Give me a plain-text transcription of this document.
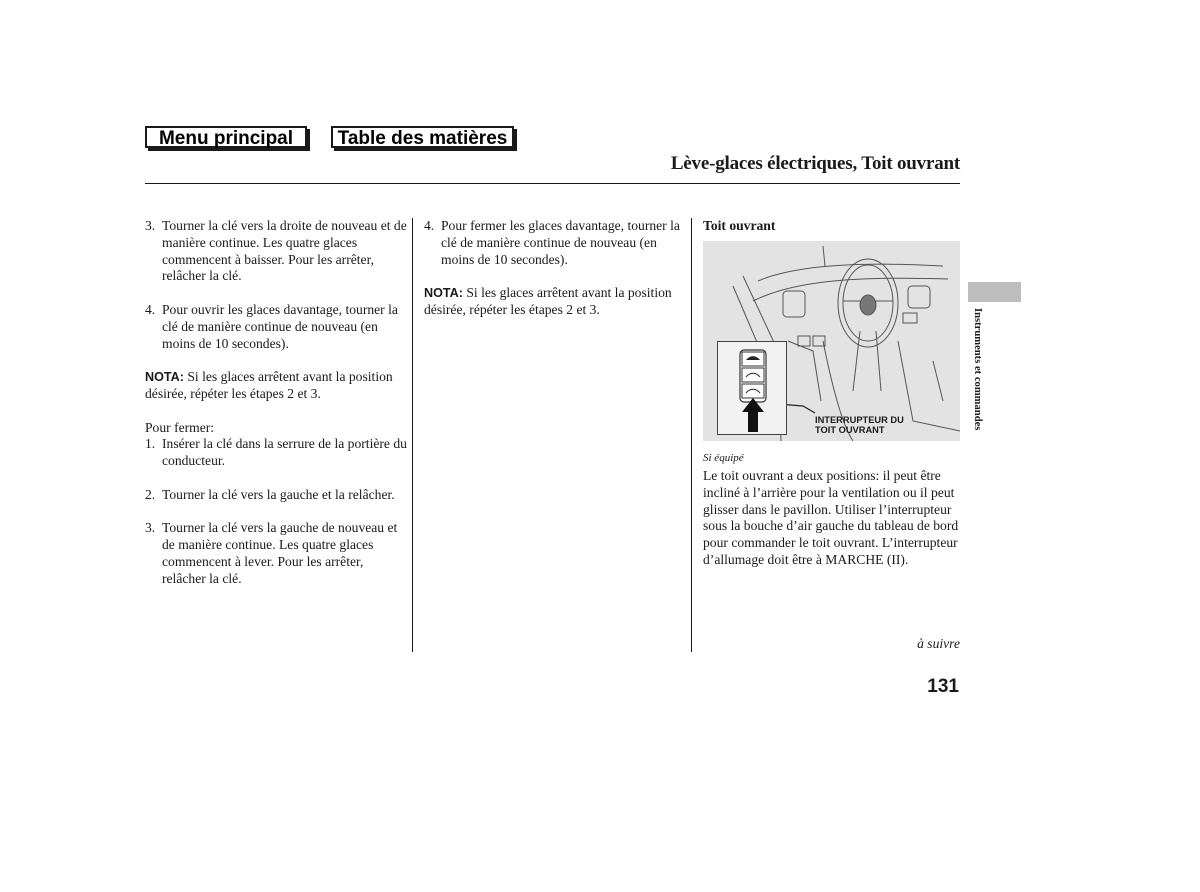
Menu principal	Table des matières
Lève-glaces électriques, Toit ouvrant

3. Tourner la clé vers la droite de nouveau et de manière continue. Les quatre glaces commencent à baisser. Pour les arrêter, relâcher la clé.

4. Pour ouvrir les glaces davantage, tourner la clé de manière continue de nouveau (en moins de 10 secondes).

NOTA: Si les glaces arrêtent avant la position désirée, répéter les étapes 2 et 3.

Pour fermer:

1. Insérer la clé dans la serrure de la portière du conducteur.

2. Tourner la clé vers la gauche et la relâcher.

3. Tourner la clé vers la gauche de nouveau et de manière continue. Les quatre glaces commencent à lever. Pour les arrêter, relâcher la clé.

4. Pour fermer les glaces davantage, tourner la clé de manière continue de nouveau (en moins de 10 secondes).

NOTA: Si les glaces arrêtent avant la position désirée, répéter les étapes 2 et 3.

Toit ouvrant
INTERRUPTEUR DU
TOIT OUVRANT
Si équipé
Le toit ouvrant a deux positions: il peut être incliné à l’arrière pour la ventilation ou il peut glisser dans le pavillon. Utiliser l’interrupteur sous la bouche d’air gauche du tableau de bord pour commander le toit ouvrant. L’interrupteur d’allumage doit être à MARCHE (II).
Instruments et commandes
à suivre
131
